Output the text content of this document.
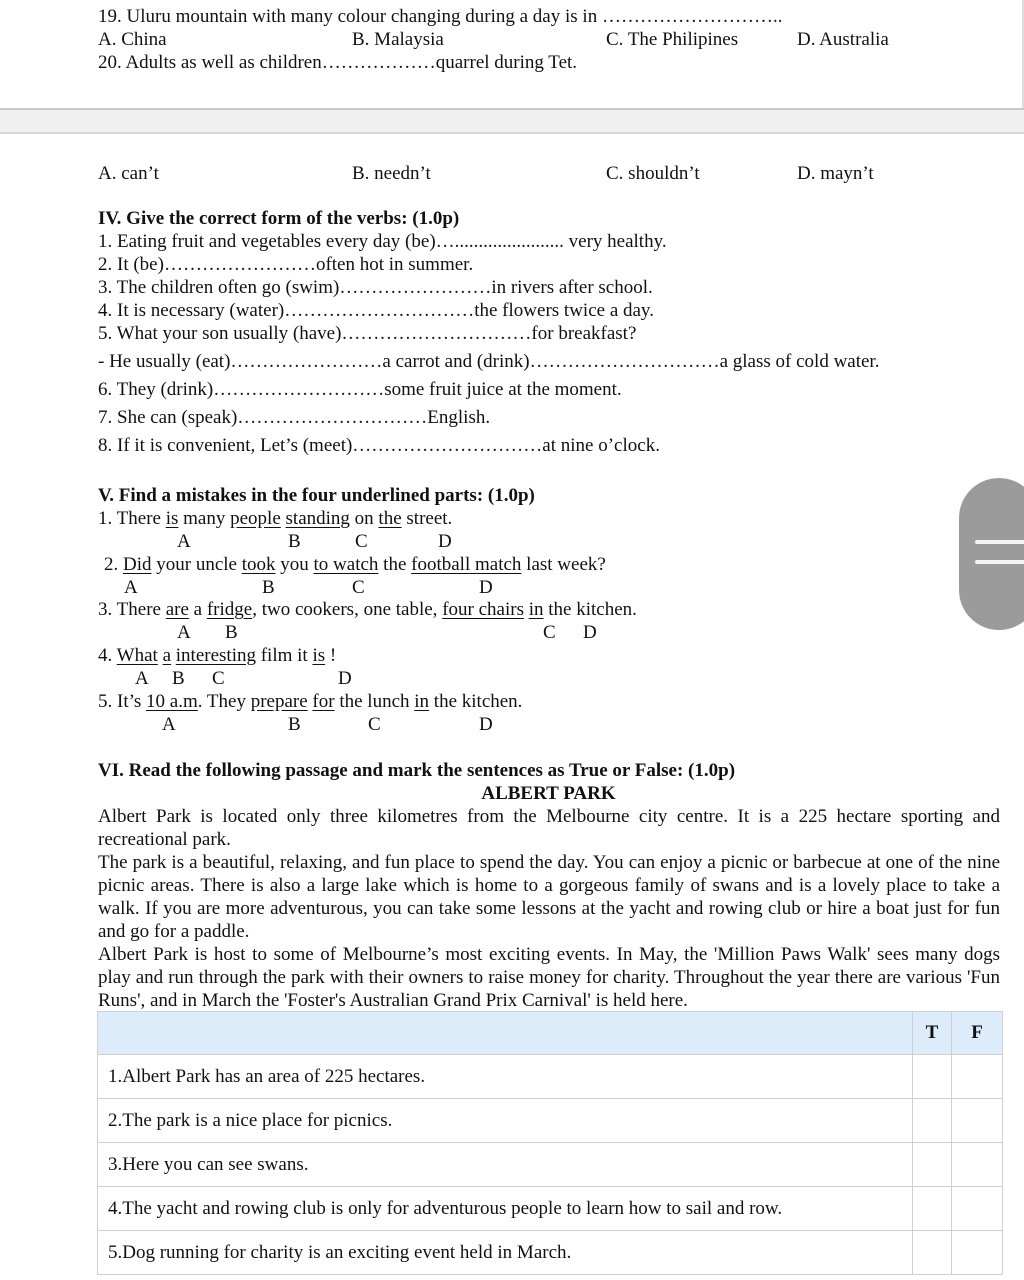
19. Uluru mountain with many colour changing during a day is in ………………………..
A. China	B. Malaysia	C. The Philipines	D. Australia
20. Adults as well as children………………quarrel during Tet.
A. can’t	B. needn’t	C. shouldn’t	D. mayn’t
IV. Give the correct form of the verbs: (1.0p)
1. Eating fruit and vegetables every day (be)…....................... very healthy.
2. It (be)……………………often hot in summer.
3. The children often go (swim)……………………in rivers after school.
4. It is necessary (water)…………………………the flowers twice a day.
5. What your son usually (have)…………………………for breakfast?
- He usually (eat)……………………a carrot and (drink)…………………………a glass of cold water.
6. They (drink)………………………some fruit juice at the moment.
7. She can (speak)…………………………English.
8. If it is convenient, Let’s (meet)…………………………at nine o’clock.
V. Find a mistakes in the four underlined parts: (1.0p)
1. There is many people standing on the street.
A	B	C	D
2. Did your uncle took you to watch the football match last week?
A	B	C	D
3. There are a fridge, two cookers, one table, four chairs in the kitchen.
A B	C D
4. What a interesting film it is !
A B C	D
5. It’s 10 a.m. They prepare for the lunch in the kitchen.
A	B	C	D
VI. Read the following passage and mark the sentences as True or False: (1.0p)
ALBERT PARK
Albert Park is located only three kilometres from the Melbourne city centre. It is a 225 hectare sporting and recreational park.
The park is a beautiful, relaxing, and fun place to spend the day. You can enjoy a picnic or barbecue at one of the nine picnic areas. There is also a large lake which is home to a gorgeous family of swans and is a lovely place to take a walk. If you are more adventurous, you can take some lessons at the yacht and rowing club or hire a boat just for fun and go for a paddle.
Albert Park is host to some of Melbourne’s most exciting events. In May, the 'Million Paws Walk' sees many dogs play and run through the park with their owners to raise money for charity. Throughout the year there are various 'Fun Runs', and in March the 'Foster's Australian Grand Prix Carnival' is held here.
	T	F
1.Albert Park has an area of 225 hectares.		
2.The park is a nice place for picnics.		
3.Here you can see swans.		
4.The yacht and rowing club is only for adventurous people to learn how to sail and row.		
5.Dog running for charity is an exciting event held in March.		
